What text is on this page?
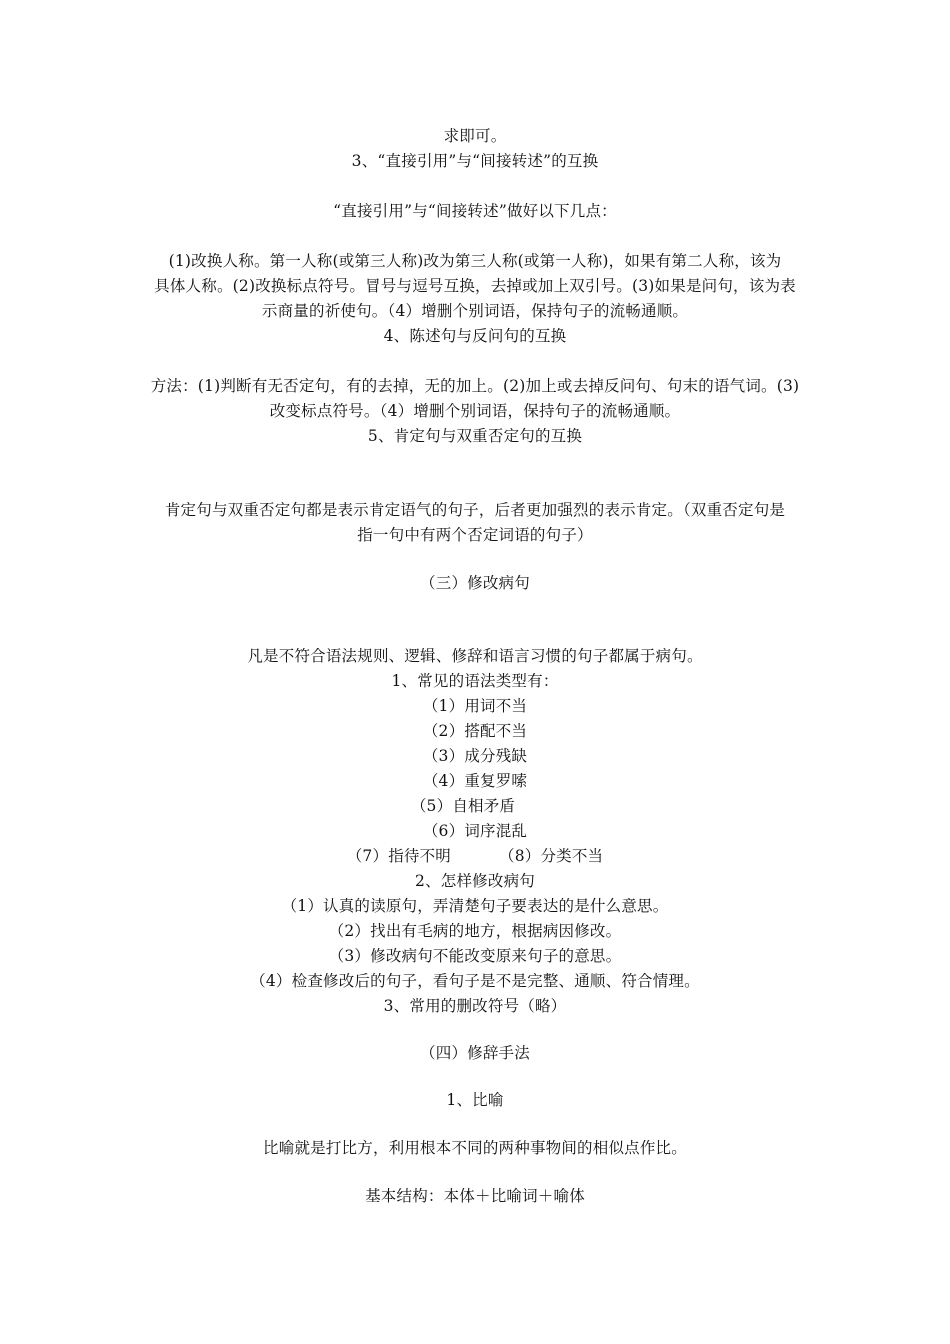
求即可。
3、“直接引用”与“间接转述”的互换
“直接引用”与“间接转述”做好以下几点：
(1)改换人称。第一人称(或第三人称)改为第三人称(或第一人称)，如果有第二人称，该为
具体人称。(2)改换标点符号。冒号与逗号互换，去掉或加上双引号。(3)如果是问句，该为表
示商量的祈使句。（4）增删个别词语，保持句子的流畅通顺。
4、陈述句与反问句的互换
方法：(1)判断有无否定句，有的去掉，无的加上。(2)加上或去掉反问句、句末的语气词。(3)
改变标点符号。（4）增删个别词语，保持句子的流畅通顺。
5、肯定句与双重否定句的互换
肯定句与双重否定句都是表示肯定语气的句子，后者更加强烈的表示肯定。（双重否定句是
指一句中有两个否定词语的句子）
（三）修改病句
凡是不符合语法规则、逻辑、修辞和语言习惯的句子都属于病句。
1、常见的语法类型有：
（1）用词不当
（2）搭配不当
（3）成分残缺
（4）重复罗嗦
（5）自相矛盾
（6）词序混乱
（7）指待不明	（8）分类不当
2、怎样修改病句
（1）认真的读原句，弄清楚句子要表达的是什么意思。
（2）找出有毛病的地方，根据病因修改。
（3）修改病句不能改变原来句子的意思。
（4）检查修改后的句子，看句子是不是完整、通顺、符合情理。
3、常用的删改符号（略）
（四）修辞手法
1、比喻
比喻就是打比方，利用根本不同的两种事物间的相似点作比。
基本结构：本体＋比喻词＋喻体
